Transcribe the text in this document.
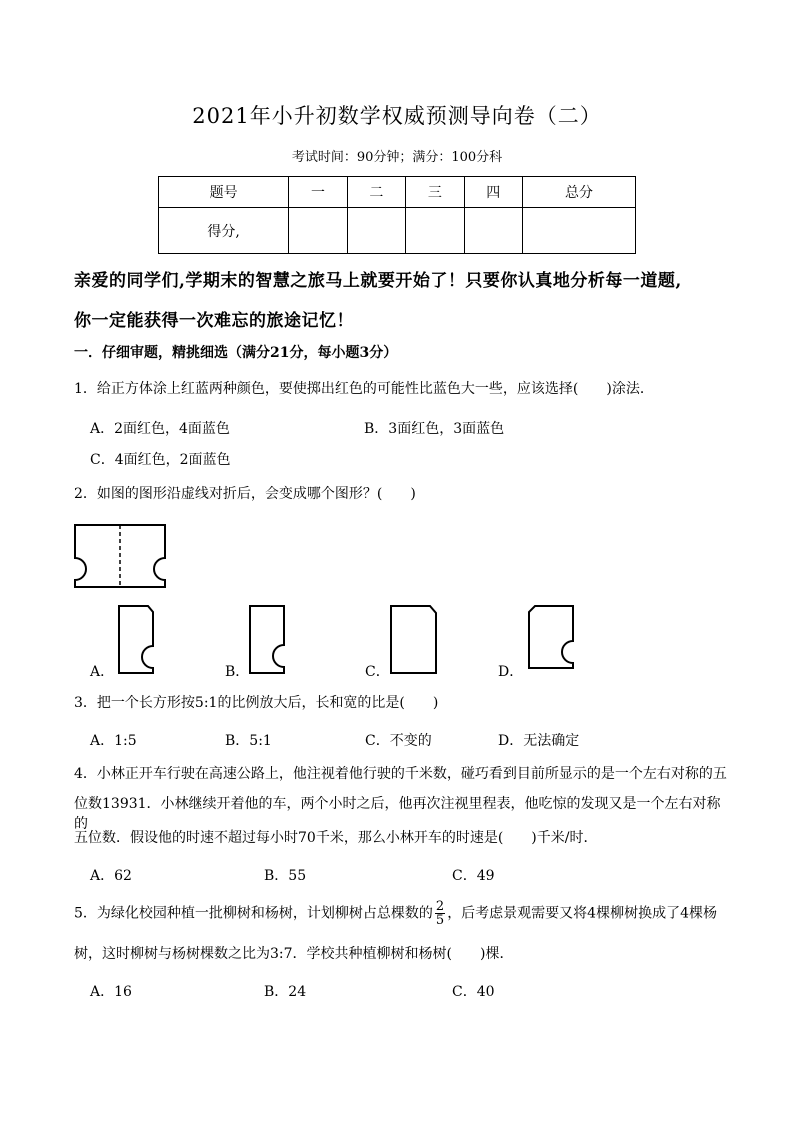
2021年小升初数学权威预测导向卷（二）
考试时间：90分钟；满分：100分科
题号	一	二	三	四	总分
得分,					
亲爱的同学们,学期末的智慧之旅马上就要开始了！只要你认真地分析每一道题,
你一定能获得一次难忘的旅途记忆！
一．仔细审题，精挑细选（满分21分，每小题3分）
1．给正方体涂上红蓝两种颜色，要使掷出红色的可能性比蓝色大一些，应该选择(　　)涂法．
A．2面红色，4面蓝色	B．3面红色，3面蓝色
C．4面红色，2面蓝色
2．如图的图形沿虚线对折后，会变成哪个图形？(　　)
A．	B．	C．	D．
3．把一个长方形按5:1的比例放大后，长和宽的比是(　　)
A．1:5	B．5:1	C．不变的	D．无法确定
4．小林正开车行驶在高速公路上，他注视着他行驶的千米数，碰巧看到目前所显示的是一个左右对称的五
位数13931．小林继续开着他的车，两个小时之后，他再次注视里程表，他吃惊的发现又是一个左右对称的
五位数．假设他的时速不超过每小时70千米，那么小林开车的时速是(　　)千米/时．
A．62	B．55	C．49
5．为绿化校园种植一批柳树和杨树，计划柳树占总棵数的 $\frac{2}{5}$ ，后考虑景观需要又将4棵柳树换成了4棵杨
树，这时柳树与杨树棵数之比为3:7．学校共种植柳树和杨树(　　)棵．
A．16	B．24	C．40
